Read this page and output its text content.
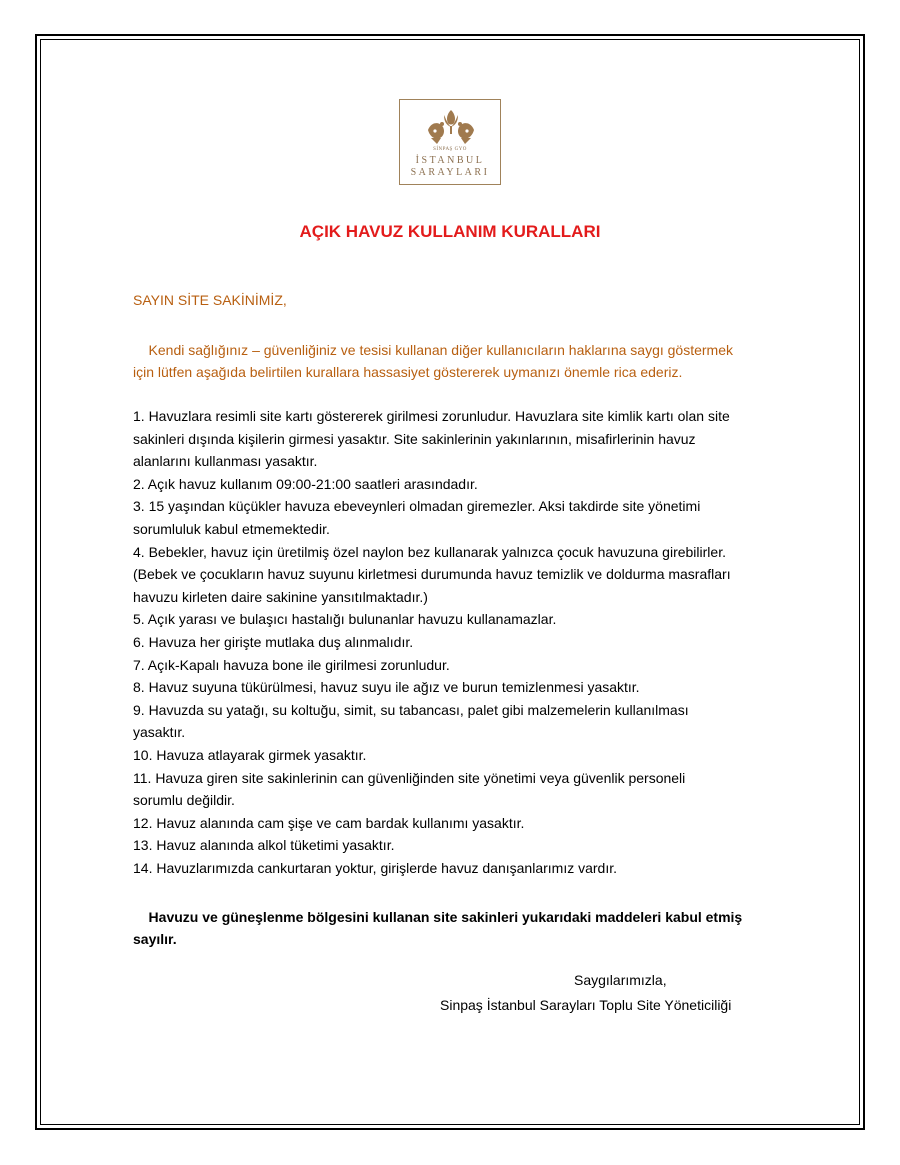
SİNPAŞ GYO
İSTANBUL
SARAYLARI
AÇIK HAVUZ KULLANIM KURALLARI
SAYIN SİTE SAKİNİMİZ,
Kendi sağlığınız – güvenliğiniz ve tesisi kullanan diğer kullanıcıların haklarına saygı göstermek
için lütfen aşağıda belirtilen kurallara hassasiyet göstererek uymanızı önemle rica ederiz.
1. Havuzlara resimli site kartı göstererek girilmesi zorunludur. Havuzlara site kimlik kartı olan site
sakinleri dışında kişilerin girmesi yasaktır. Site sakinlerinin yakınlarının, misafirlerinin havuz
alanlarını kullanması yasaktır.
2. Açık havuz kullanım 09:00-21:00 saatleri arasındadır.
3. 15 yaşından küçükler havuza ebeveynleri olmadan giremezler. Aksi takdirde site yönetimi
sorumluluk kabul etmemektedir.
4. Bebekler, havuz için üretilmiş özel naylon bez kullanarak yalnızca çocuk havuzuna girebilirler.
(Bebek ve çocukların havuz suyunu kirletmesi durumunda havuz temizlik ve doldurma masrafları
havuzu kirleten daire sakinine yansıtılmaktadır.)
5. Açık yarası ve bulaşıcı hastalığı bulunanlar havuzu kullanamazlar.
6. Havuza her girişte mutlaka duş alınmalıdır.
7. Açık-Kapalı havuza bone ile girilmesi zorunludur.
8. Havuz suyuna tükürülmesi, havuz suyu ile ağız ve burun temizlenmesi yasaktır.
9. Havuzda su yatağı, su koltuğu, simit, su tabancası, palet gibi malzemelerin kullanılması
yasaktır.
10. Havuza atlayarak girmek yasaktır.
11. Havuza giren site sakinlerinin can güvenliğinden site yönetimi veya güvenlik personeli
sorumlu değildir.
12. Havuz alanında cam şişe ve cam bardak kullanımı yasaktır.
13. Havuz alanında alkol tüketimi yasaktır.
14. Havuzlarımızda cankurtaran yoktur, girişlerde havuz danışanlarımız vardır.
Havuzu ve güneşlenme bölgesini kullanan site sakinleri yukarıdaki maddeleri kabul etmiş
sayılır.
Saygılarımızla,
Sinpaş İstanbul Sarayları Toplu Site Yöneticiliği
